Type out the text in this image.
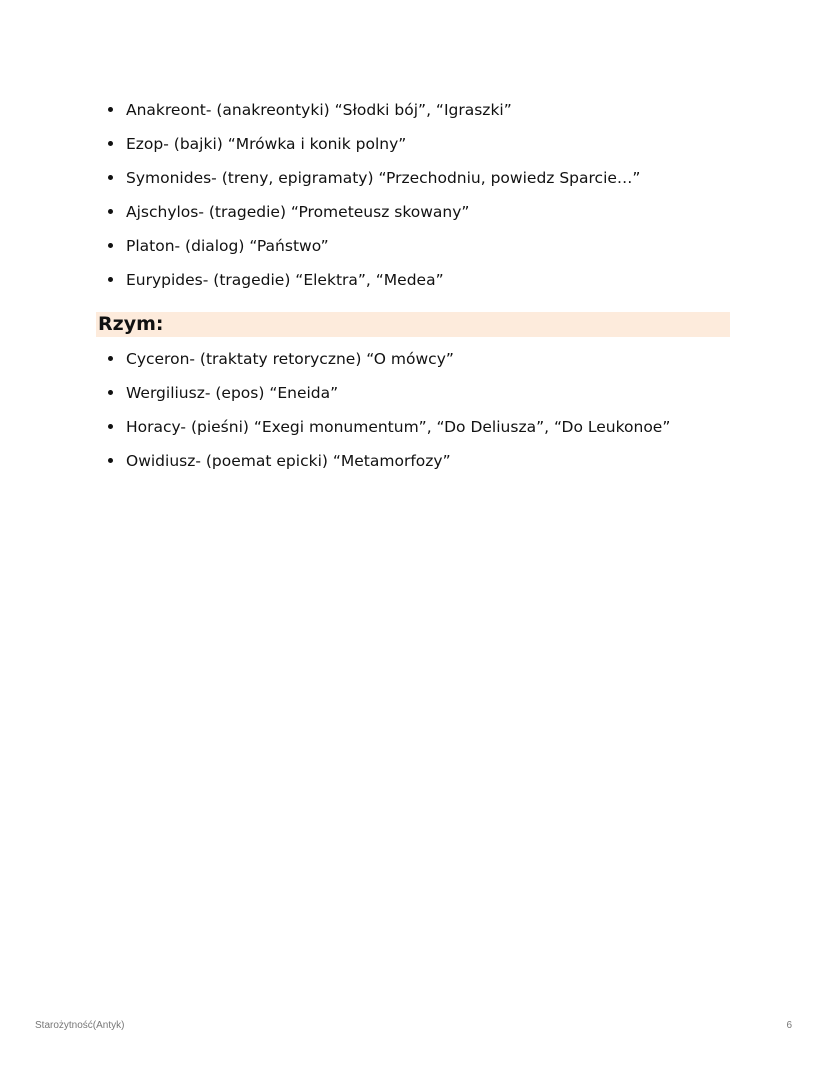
Anakreont- (anakreontyki) “Słodki bój”, “Igraszki”
Ezop- (bajki) “Mrówka i konik polny”
Symonides- (treny, epigramaty) “Przechodniu, powiedz Sparcie…”
Ajschylos- (tragedie) “Prometeusz skowany”
Platon- (dialog) “Państwo”
Eurypides- (tragedie) “Elektra”, “Medea”
Rzym:
Cyceron- (traktaty retoryczne) “O mówcy”
Wergiliusz- (epos) “Eneida”
Horacy- (pieśni) “Exegi monumentum”, “Do Deliusza”, “Do Leukonoe”
Owidiusz- (poemat epicki) “Metamorfozy”
Starożytność(Antyk)	6
